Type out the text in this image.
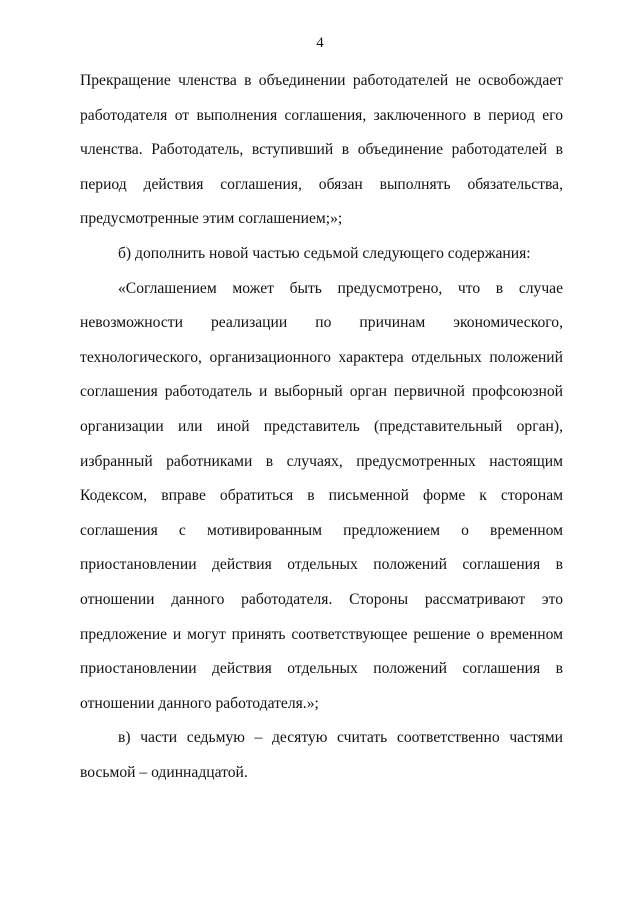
4

Прекращение членства в объединении работодателей не освобождает работодателя от выполнения соглашения, заключенного в период его членства. Работодатель, вступивший в объединение работодателей в период действия соглашения, обязан выполнять обязательства, предусмотренные этим соглашением;»;

б) дополнить новой частью седьмой следующего содержания:

«Соглашением может быть предусмотрено, что в случае невозможности реализации по причинам экономического, технологического, организационного характера отдельных положений соглашения работодатель и выборный орган первичной профсоюзной организации или иной представитель (представительный орган), избранный работниками в случаях, предусмотренных настоящим Кодексом, вправе обратиться в письменной форме к сторонам соглашения с мотивированным предложением о временном приостановлении действия отдельных положений соглашения в отношении данного работодателя. Стороны рассматривают это предложение и могут принять соответствующее решение о временном приостановлении действия отдельных положений соглашения в отношении данного работодателя.»;

в) части седьмую – десятую считать соответственно частями восьмой – одиннадцатой.
